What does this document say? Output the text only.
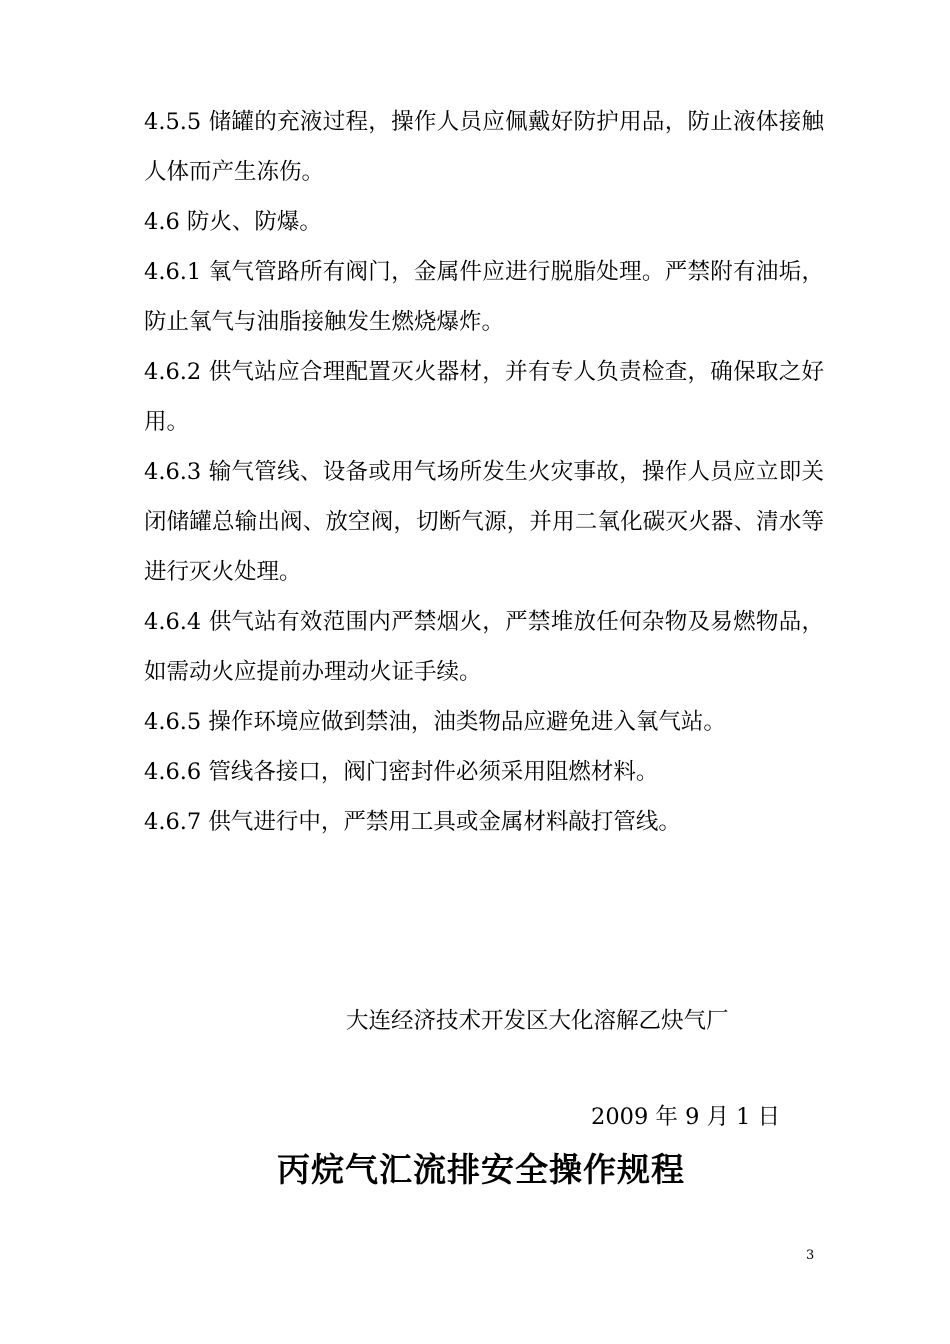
4.5.5 储罐的充液过程，操作人员应佩戴好防护用品，防止液体接触人体而产生冻伤。

4.6 防火、防爆。

4.6.1 氧气管路所有阀门，金属件应进行脱脂处理。严禁附有油垢，防止氧气与油脂接触发生燃烧爆炸。

4.6.2 供气站应合理配置灭火器材，并有专人负责检查，确保取之好用。

4.6.3 输气管线、设备或用气场所发生火灾事故，操作人员应立即关闭储罐总输出阀、放空阀，切断气源，并用二氧化碳灭火器、清水等进行灭火处理。

4.6.4 供气站有效范围内严禁烟火，严禁堆放任何杂物及易燃物品，如需动火应提前办理动火证手续。

4.6.5 操作环境应做到禁油，油类物品应避免进入氧气站。

4.6.6 管线各接口，阀门密封件必须采用阻燃材料。

4.6.7 供气进行中，严禁用工具或金属材料敲打管线。

大连经济技术开发区大化溶解乙炔气厂
2009 年 9 月 1 日
丙烷气汇流排安全操作规程
3
